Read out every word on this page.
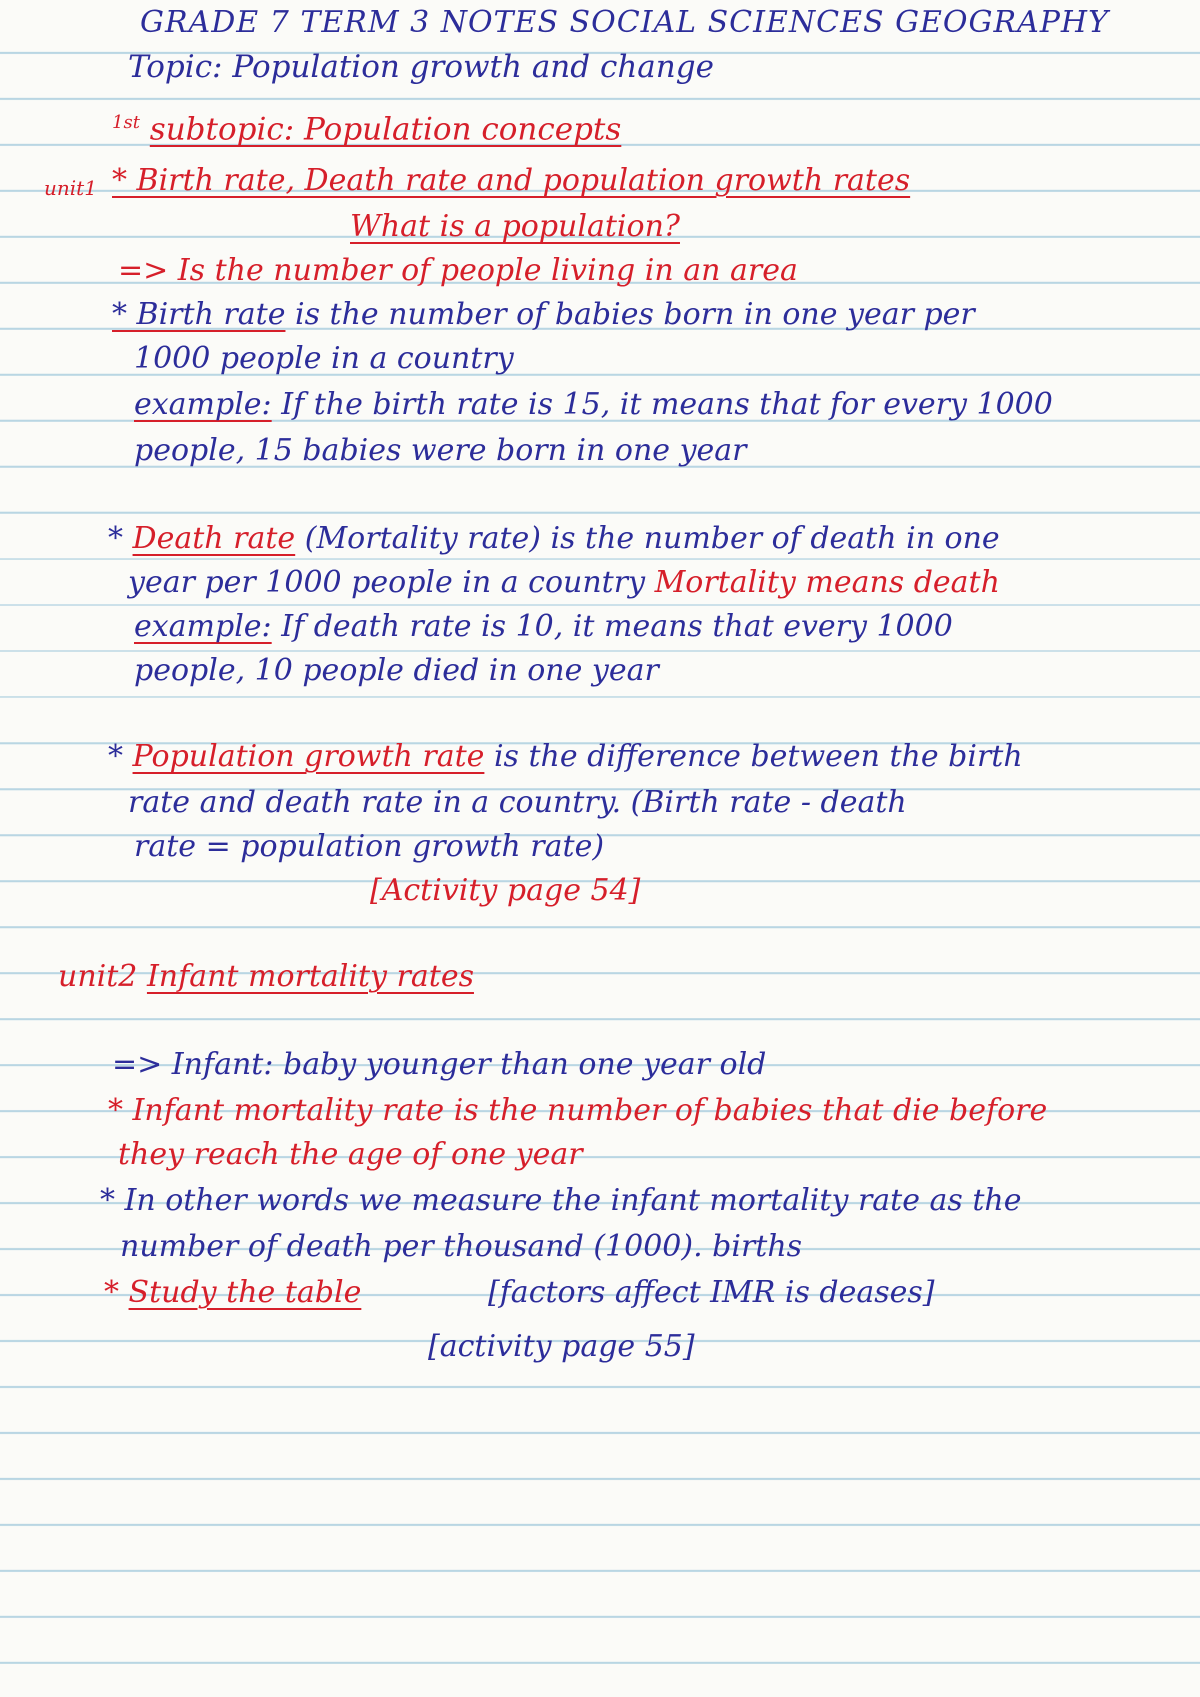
GRADE 7 TERM 3 NOTES SOCIAL SCIENCES GEOGRAPHY
Topic: Population growth and change
$^{1st}$ subtopic: Population concepts
unit1 * Birth rate, Death rate and population growth rates
What is a population?
=> Is the number of people living in an area
* Birth rate is the number of babies born in one year per
1000 people in a country
example: If the birth rate is 15, it means that for every 1000
people, 15 babies were born in one year
* Death rate (Mortality rate) is the number of death in one
year per 1000 people in a country Mortality means death
example: If death rate is 10, it means that every 1000
people, 10 people died in one year
* Population growth rate is the difference between the birth
rate and death rate in a country. (Birth rate - death
rate = population growth rate)
[Activity page 54]
unit2 Infant mortality rates
=> Infant: baby younger than one year old
* Infant mortality rate is the number of babies that die before
they reach the age of one year
* In other words we measure the infant mortality rate as the
number of death per thousand (1000). births
* Study the table	[factors affect IMR is deases]
[activity page 55]
